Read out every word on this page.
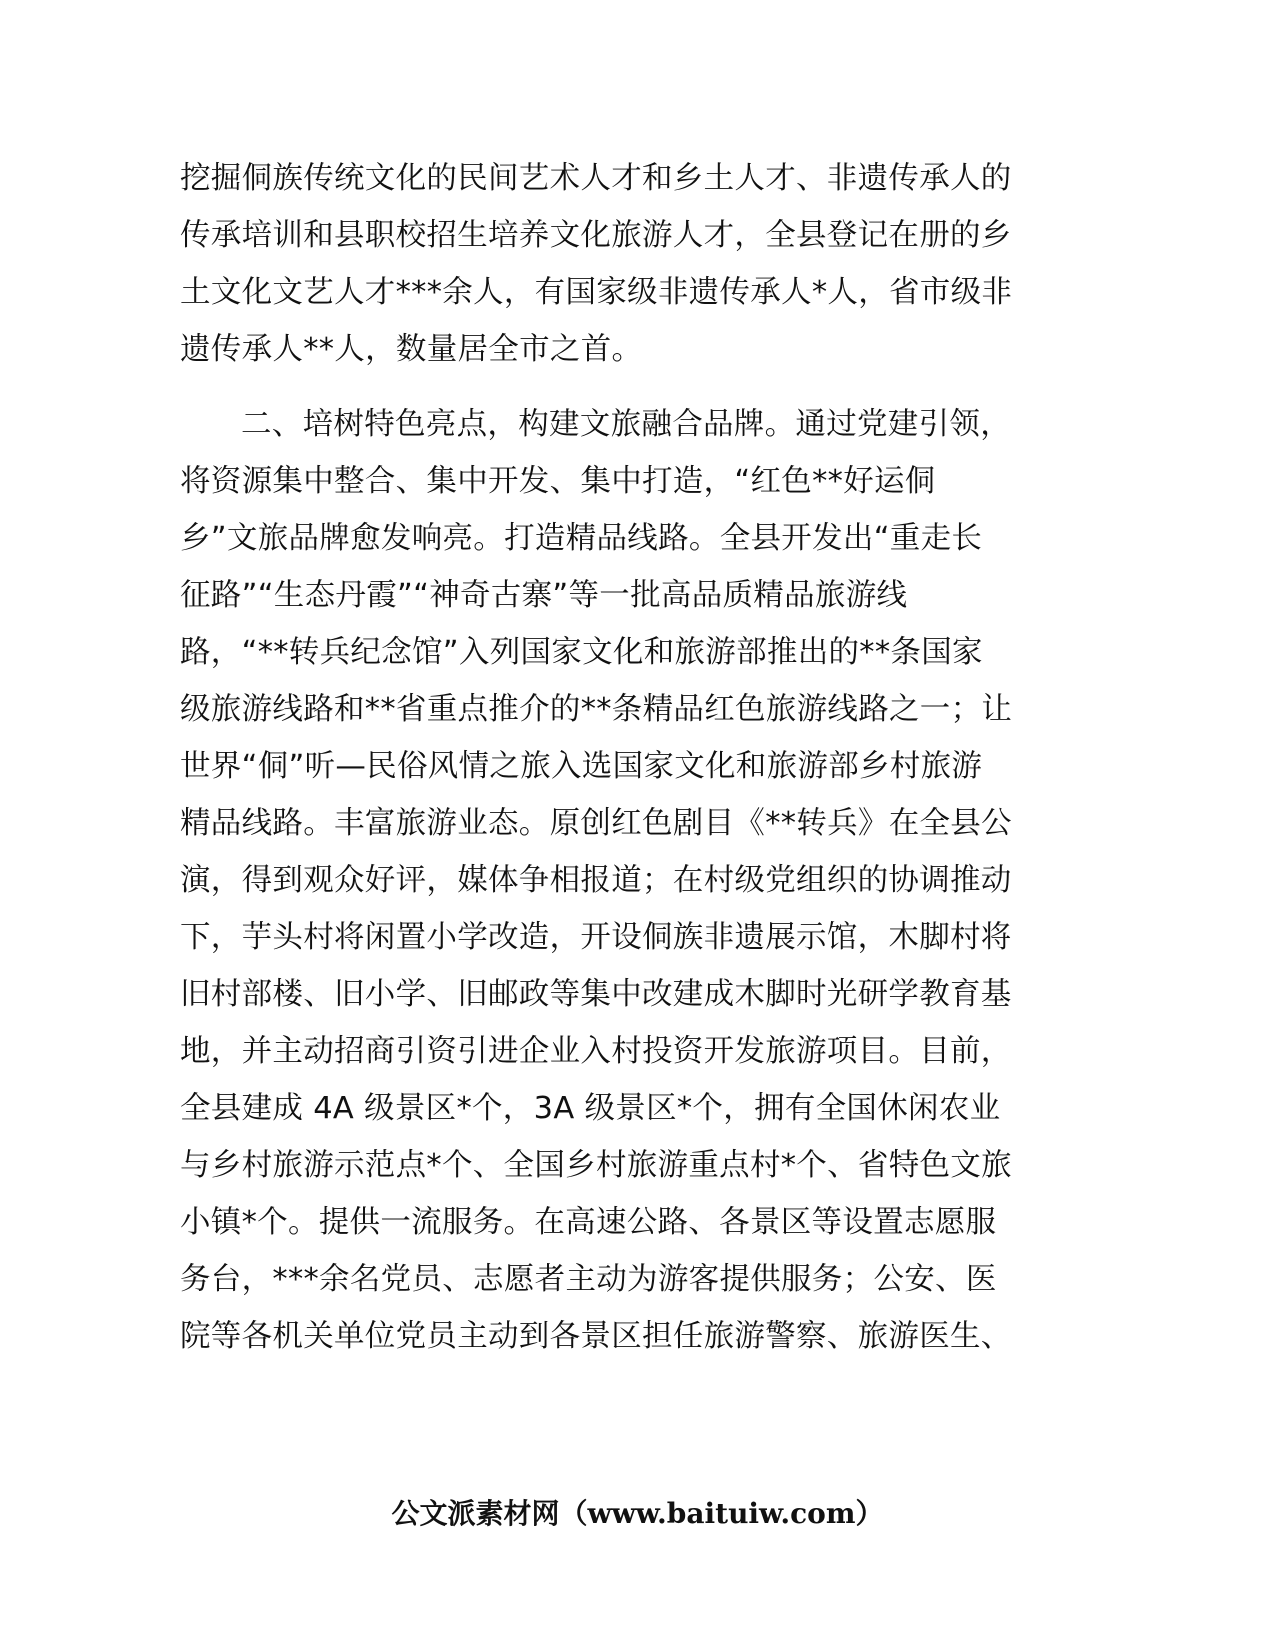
挖掘侗族传统文化的民间艺术人才和乡土人才、非遗传承人的
传承培训和县职校招生培养文化旅游人才，全县登记在册的乡
土文化文艺人才***余人，有国家级非遗传承人*人，省市级非
遗传承人**人，数量居全市之首。
二、培树特色亮点，构建文旅融合品牌。通过党建引领，
将资源集中整合、集中开发、集中打造，“红色**好运侗
乡”文旅品牌愈发响亮。打造精品线路。全县开发出“重走长
征路”“生态丹霞”“神奇古寨”等一批高品质精品旅游线
路，“**转兵纪念馆”入列国家文化和旅游部推出的**条国家
级旅游线路和**省重点推介的**条精品红色旅游线路之一；让
世界“侗”听—民俗风情之旅入选国家文化和旅游部乡村旅游
精品线路。丰富旅游业态。原创红色剧目《**转兵》在全县公
演，得到观众好评，媒体争相报道；在村级党组织的协调推动
下，芋头村将闲置小学改造，开设侗族非遗展示馆，木脚村将
旧村部楼、旧小学、旧邮政等集中改建成木脚时光研学教育基
地，并主动招商引资引进企业入村投资开发旅游项目。目前，
全县建成 4A 级景区*个，3A 级景区*个，拥有全国休闲农业
与乡村旅游示范点*个、全国乡村旅游重点村*个、省特色文旅
小镇*个。提供一流服务。在高速公路、各景区等设置志愿服
务台，***余名党员、志愿者主动为游客提供服务；公安、医
院等各机关单位党员主动到各景区担任旅游警察、旅游医生、
公文派素材网（www.baituiw.com）
